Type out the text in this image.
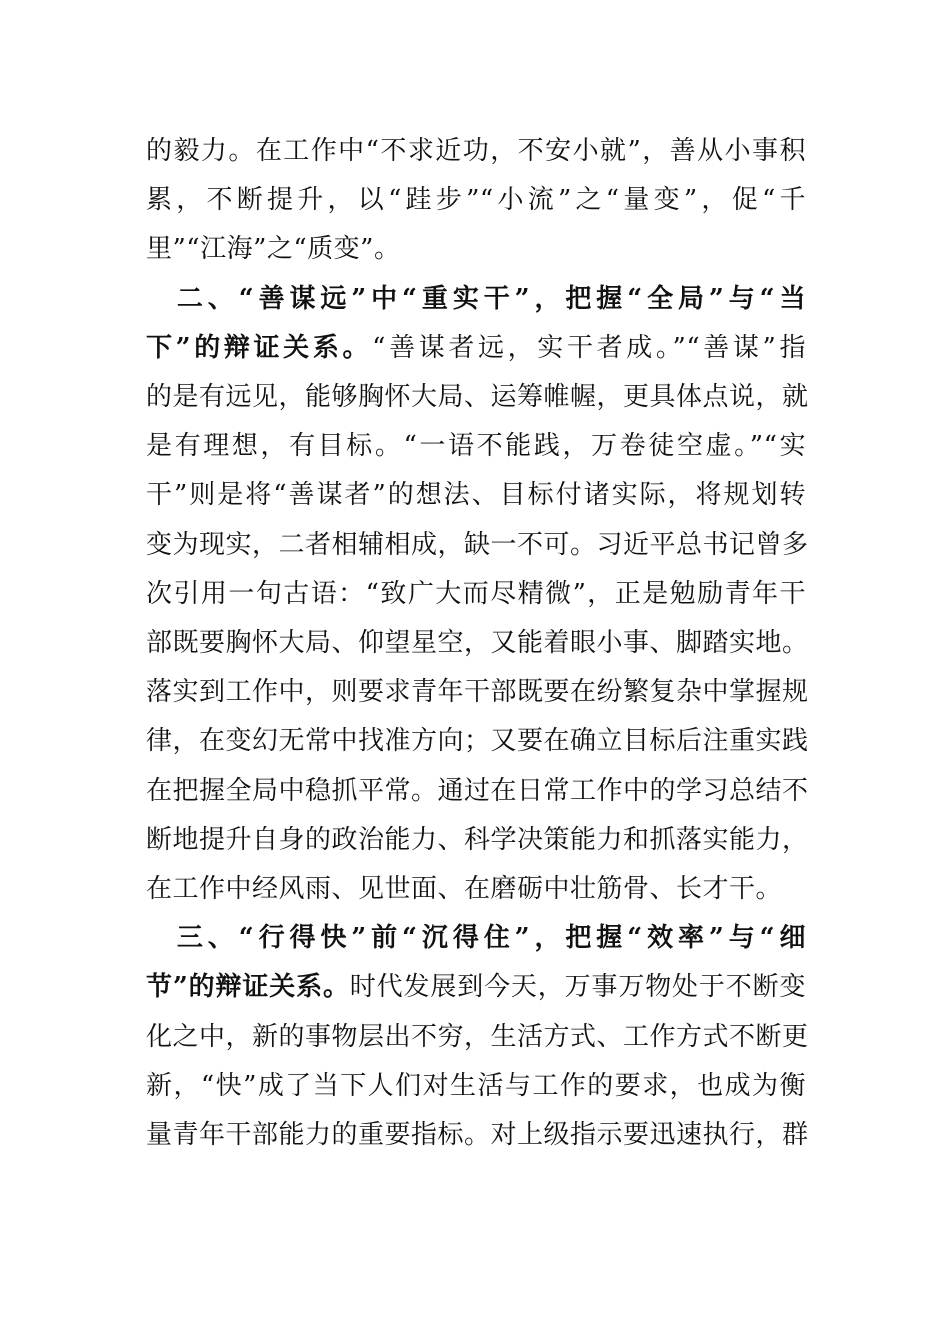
的毅力。在工作中“不求近功，不安小就”，善从小事积
累，不断提升，以“跬步”“小流”之“量变”，促“千
里”“江海”之“质变”。
　二、“善谋远”中“重实干”，把握“全局”与“当
下”的辩证关系。“善谋者远，实干者成。”“善谋”指
的是有远见，能够胸怀大局、运筹帷幄，更具体点说，就
是有理想，有目标。“一语不能践，万卷徒空虚。”“实
干”则是将“善谋者”的想法、目标付诸实际，将规划转
变为现实，二者相辅相成，缺一不可。习近平总书记曾多
次引用一句古语：“致广大而尽精微”，正是勉励青年干
部既要胸怀大局、仰望星空，又能着眼小事、脚踏实地。
落实到工作中，则要求青年干部既要在纷繁复杂中掌握规
律，在变幻无常中找准方向；又要在确立目标后注重实践
在把握全局中稳抓平常。通过在日常工作中的学习总结不
断地提升自身的政治能力、科学决策能力和抓落实能力，
在工作中经风雨、见世面、在磨砺中壮筋骨、长才干。
　三、“行得快”前“沉得住”，把握“效率”与“细
节”的辩证关系。时代发展到今天，万事万物处于不断变
化之中，新的事物层出不穷，生活方式、工作方式不断更
新，“快”成了当下人们对生活与工作的要求，也成为衡
量青年干部能力的重要指标。对上级指示要迅速执行，群
